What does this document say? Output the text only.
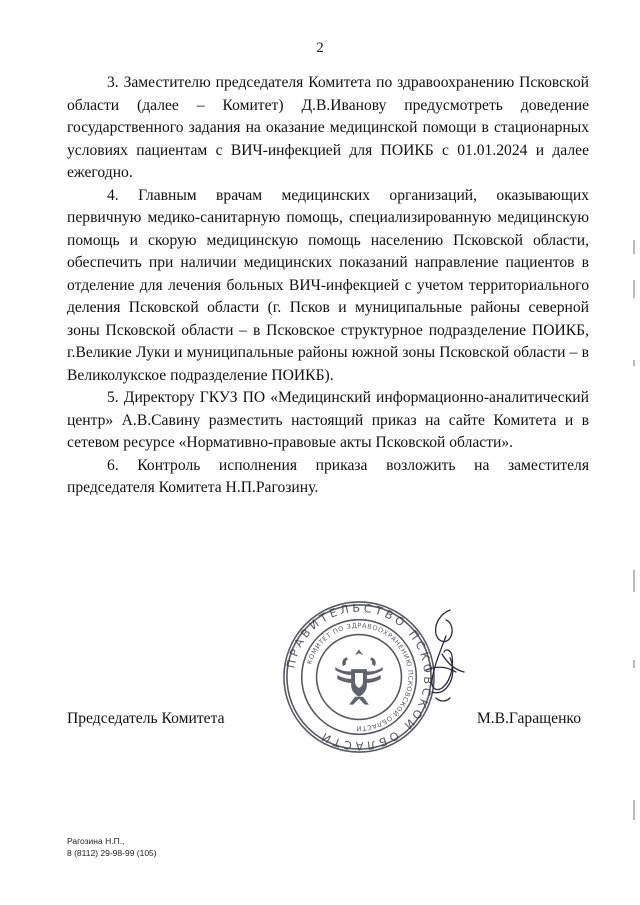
2

3. Заместителю председателя Комитета по здравоохранению Псковской области (далее – Комитет) Д.В.Иванову предусмотреть доведение государственного задания на оказание медицинской помощи в стационарных условиях пациентам с ВИЧ-инфекцией для ПОИКБ с 01.01.2024 и далее ежегодно.

4. Главным врачам медицинских организаций, оказывающих первичную медико-санитарную помощь, специализированную медицинскую помощь и скорую медицинскую помощь населению Псковской области, обеспечить при наличии медицинских показаний направление пациентов в отделение для лечения больных ВИЧ-инфекцией с учетом территориального деления Псковской области (г. Псков и муниципальные районы северной зоны Псковской области – в Псковское структурное подразделение ПОИКБ, г.Великие Луки и муниципальные районы южной зоны Псковской области – в Великолукское подразделение ПОИКБ).

5. Директору ГКУЗ ПО «Медицинский информационно-аналитический центр» А.В.Савину разместить настоящий приказ на сайте Комитета и в сетевом ресурсе «Нормативно-правовые акты Псковской области».

6. Контроль исполнения приказа возложить на заместителя председателя Комитета Н.П.Рагозину.

ПРАВИТЕЛЬСТВО ПСКОВСКОЙ ОБЛАСТИ
КОМИТЕТ ПО ЗДРАВООХРАНЕНИЮ ПСКОВСКОЙ ОБЛАСТИ
Председатель Комитета	М.В.Гаращенко
Рагозина Н.П.,
8 (8112) 29-98-99 (105)
